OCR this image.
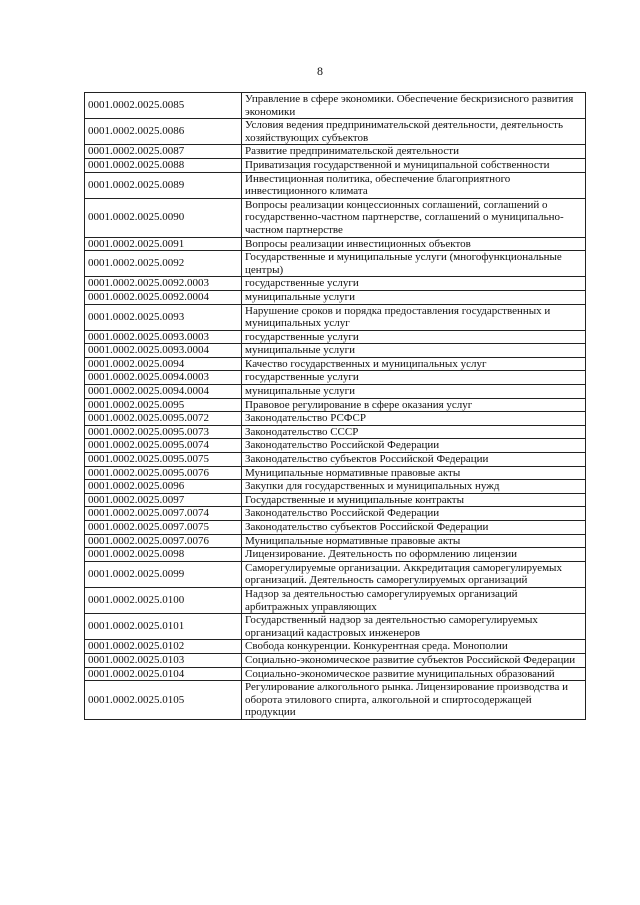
8
0001.0002.0025.0085	Управление в сфере экономики. Обеспечение бескризисного развития экономики
0001.0002.0025.0086	Условия ведения предпринимательской деятельности, деятельность хозяйствующих субъектов
0001.0002.0025.0087	Развитие предпринимательской деятельности
0001.0002.0025.0088	Приватизация государственной и муниципальной собственности
0001.0002.0025.0089	Инвестиционная политика, обеспечение благоприятного инвестиционного климата
0001.0002.0025.0090	Вопросы реализации концессионных соглашений, соглашений о государственно-частном партнерстве, соглашений о муниципально-частном партнерстве
0001.0002.0025.0091	Вопросы реализации инвестиционных объектов
0001.0002.0025.0092	Государственные и муниципальные услуги (многофункциональные центры)
0001.0002.0025.0092.0003	государственные услуги
0001.0002.0025.0092.0004	муниципальные услуги
0001.0002.0025.0093	Нарушение сроков и порядка предоставления государственных и муниципальных услуг
0001.0002.0025.0093.0003	государственные услуги
0001.0002.0025.0093.0004	муниципальные услуги
0001.0002.0025.0094	Качество государственных и муниципальных услуг
0001.0002.0025.0094.0003	государственные услуги
0001.0002.0025.0094.0004	муниципальные услуги
0001.0002.0025.0095	Правовое регулирование в сфере оказания услуг
0001.0002.0025.0095.0072	Законодательство РСФСР
0001.0002.0025.0095.0073	Законодательство СССР
0001.0002.0025.0095.0074	Законодательство Российской Федерации
0001.0002.0025.0095.0075	Законодательство субъектов Российской Федерации
0001.0002.0025.0095.0076	Муниципальные нормативные правовые акты
0001.0002.0025.0096	Закупки для государственных и муниципальных нужд
0001.0002.0025.0097	Государственные и муниципальные контракты
0001.0002.0025.0097.0074	Законодательство Российской Федерации
0001.0002.0025.0097.0075	Законодательство субъектов Российской Федерации
0001.0002.0025.0097.0076	Муниципальные нормативные правовые акты
0001.0002.0025.0098	Лицензирование. Деятельность по оформлению лицензии
0001.0002.0025.0099	Саморегулируемые организации. Аккредитация саморегулируемых организаций. Деятельность саморегулируемых организаций
0001.0002.0025.0100	Надзор за деятельностью саморегулируемых организаций арбитражных управляющих
0001.0002.0025.0101	Государственный надзор за деятельностью саморегулируемых организаций кадастровых инженеров
0001.0002.0025.0102	Свобода конкуренции. Конкурентная среда. Монополии
0001.0002.0025.0103	Социально-экономическое развитие субъектов Российской Федерации
0001.0002.0025.0104	Социально-экономическое развитие муниципальных образований
0001.0002.0025.0105	Регулирование алкогольного рынка. Лицензирование производства и оборота этилового спирта, алкогольной и спиртосодержащей продукции
